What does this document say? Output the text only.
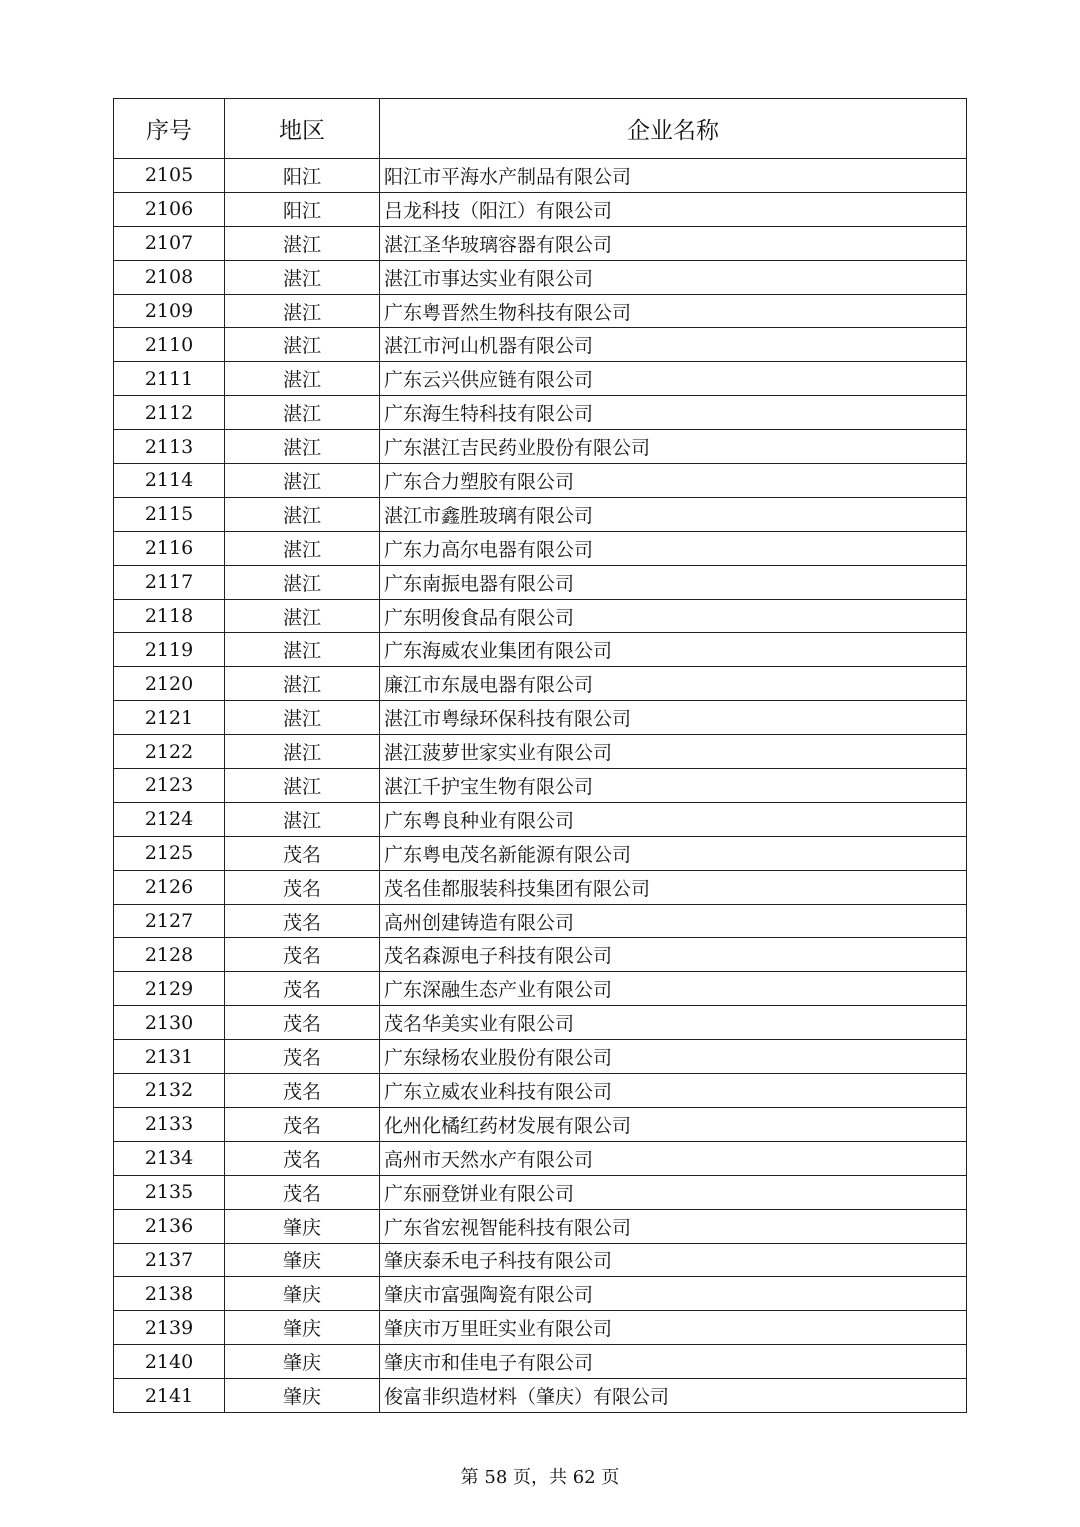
序号	地区	企业名称
2105	阳江	阳江市平海水产制品有限公司
2106	阳江	吕龙科技（阳江）有限公司
2107	湛江	湛江圣华玻璃容器有限公司
2108	湛江	湛江市事达实业有限公司
2109	湛江	广东粤晋然生物科技有限公司
2110	湛江	湛江市河山机器有限公司
2111	湛江	广东云兴供应链有限公司
2112	湛江	广东海生特科技有限公司
2113	湛江	广东湛江吉民药业股份有限公司
2114	湛江	广东合力塑胶有限公司
2115	湛江	湛江市鑫胜玻璃有限公司
2116	湛江	广东力高尔电器有限公司
2117	湛江	广东南振电器有限公司
2118	湛江	广东明俊食品有限公司
2119	湛江	广东海威农业集团有限公司
2120	湛江	廉江市东晟电器有限公司
2121	湛江	湛江市粤绿环保科技有限公司
2122	湛江	湛江菠萝世家实业有限公司
2123	湛江	湛江千护宝生物有限公司
2124	湛江	广东粤良种业有限公司
2125	茂名	广东粤电茂名新能源有限公司
2126	茂名	茂名佳都服装科技集团有限公司
2127	茂名	高州创建铸造有限公司
2128	茂名	茂名森源电子科技有限公司
2129	茂名	广东深融生态产业有限公司
2130	茂名	茂名华美实业有限公司
2131	茂名	广东绿杨农业股份有限公司
2132	茂名	广东立威农业科技有限公司
2133	茂名	化州化橘红药材发展有限公司
2134	茂名	高州市天然水产有限公司
2135	茂名	广东丽登饼业有限公司
2136	肇庆	广东省宏视智能科技有限公司
2137	肇庆	肇庆泰禾电子科技有限公司
2138	肇庆	肇庆市富强陶瓷有限公司
2139	肇庆	肇庆市万里旺实业有限公司
2140	肇庆	肇庆市和佳电子有限公司
2141	肇庆	俊富非织造材料（肇庆）有限公司
第 58 页，共 62 页
